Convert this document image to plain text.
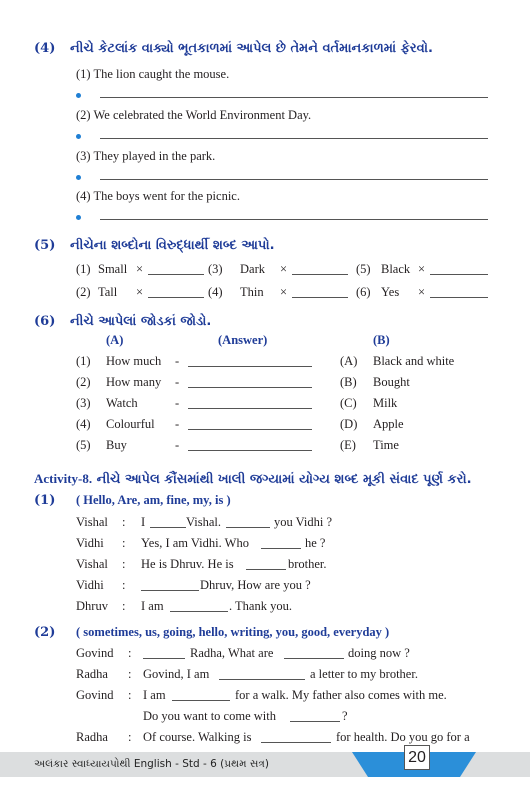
(4) નીચે કેટલાંક વાક્યો ભૂતકાળમાં આપેલ છે તેમને વર્તમાનકાળમાં ફેરવો.
(1) The lion caught the mouse.
(2) We celebrated the World Environment Day.
(3) They played in the park.
(4) The boys went for the picnic.
(5) નીચેના શબ્દોના વિરુદ્ધાર્થી શબ્દ આપો.
(1) Small ×	(3) Dark ×	(5) Black ×
(2) Tall ×	(4) Thin ×	(6) Yes ×
(6) નીચે આપેલાં જોડકાં જોડો.
(A)	(Answer)	(B)
(1) How much -	(A) Black and white
(2) How many -	(B) Bought
(3) Watch	-	(C) Milk
(4) Colourful -	(D) Apple
(5) Buy	-	(E) Time
Activity-8. નીચે આપેલ કૌંસમાંથી ખાલી જગ્યામાં યોગ્ય શબ્દ મૂકી સંવાદ પૂર્ણ કરો.
(1) ( Hello, Are, am, fine, my, is )
Vishal : I	Vishal.	you Vidhi ?
Vidhi : Yes, I am Vidhi. Who	he ?
Vishal : He is Dhruv. He is	brother.
Vidhi :	Dhruv, How are you ?
Dhruv : I am	. Thank you.
(2) ( sometimes, us, going, hello, writing, you, good, everyday )
Govind :	Radha, What are	doing now ?
Radha : Govind, I am	a letter to my brother.
Govind : I am	for a walk. My father also comes with me.
Do you want to come with	?
Radha : Of course. Walking is	for health. Do you go for a
અલંકાર સ્વાધ્યાયપોથી English - Std - 6 (પ્રથમ સત્ર)	20
